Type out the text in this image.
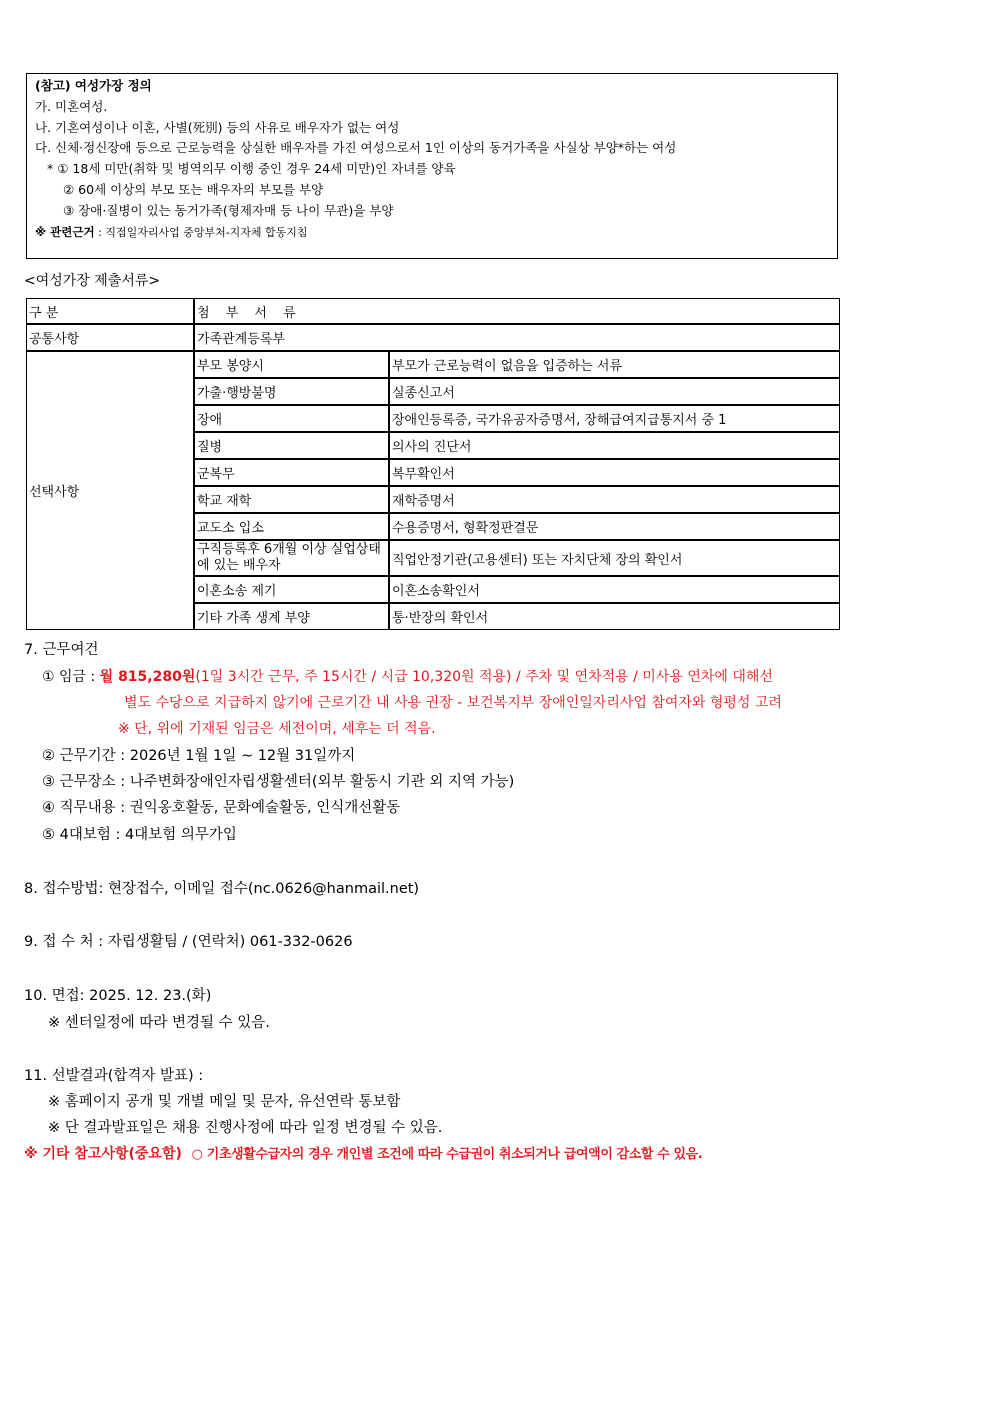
(참고) 여성가장 정의
가. 미혼여성.
나. 기혼여성이나 이혼, 사별(死別) 등의 사유로 배우자가 없는 여성
다. 신체·정신장애 등으로 근로능력을 상실한 배우자를 가진 여성으로서 1인 이상의 동거가족을 사실상 부양*하는 여성
* ① 18세 미만(취학 및 병역의무 이행 중인 경우 24세 미만)인 자녀를 양육
② 60세 이상의 부모 또는 배우자의 부모를 부양
③ 장애·질병이 있는 동거가족(형제자매 등 나이 무관)을 부양
※ 관련근거 : 직접일자리사업 중앙부처-지자체 합동지침
<여성가장 제출서류>
구 분	첨 부 서 류	
공통사항	가족관계등록부	
선택사항	부모 봉양시	부모가 근로능력이 없음을 입증하는 서류
	가출·행방불명	실종신고서
	장애	장애인등록증, 국가유공자증명서, 장해급여지급통지서 중 1
	질병	의사의 진단서
	군복무	복무확인서
	학교 재학	재학증명서
	교도소 입소	수용증명서, 형확정판결문
	구직등록후 6개월 이상 실업상태에 있는 배우자	직업안정기관(고용센터) 또는 자치단체 장의 확인서
	이혼소송 제기	이혼소송확인서
	기타 가족 생계 부양	통·반장의 확인서
7. 근무여건
① 임금 : 월 815,280원(1일 3시간 근무, 주 15시간 / 시급 10,320원 적용) / 주차 및 연차적용 / 미사용 연차에 대해선
별도 수당으로 지급하지 않기에 근로기간 내 사용 권장 - 보건복지부 장애인일자리사업 참여자와 형평성 고려
※ 단, 위에 기재된 임금은 세전이며, 세후는 더 적음.
② 근무기간 : 2026년 1월 1일 ~ 12월 31일까지
③ 근무장소 : 나주변화장애인자립생활센터(외부 활동시 기관 외 지역 가능)
④ 직무내용 : 권익옹호활동, 문화예술활동, 인식개선활동
⑤ 4대보험 : 4대보험 의무가입
8. 접수방법: 현장접수, 이메일 접수(nc.0626@hanmail.net)
9. 접 수 처 : 자립생활팀 / (연락처) 061-332-0626
10. 면접: 2025. 12. 23.(화)
※ 센터일정에 따라 변경될 수 있음.
11. 선발결과(합격자 발표) :
※ 홈페이지 공개 및 개별 메일 및 문자, 유선연락 통보함
※ 단 결과발표일은 채용 진행사정에 따라 일정 변경될 수 있음.
※ 기타 참고사항(중요함) ○ 기초생활수급자의 경우 개인별 조건에 따라 수급권이 취소되거나 급여액이 감소할 수 있음.
